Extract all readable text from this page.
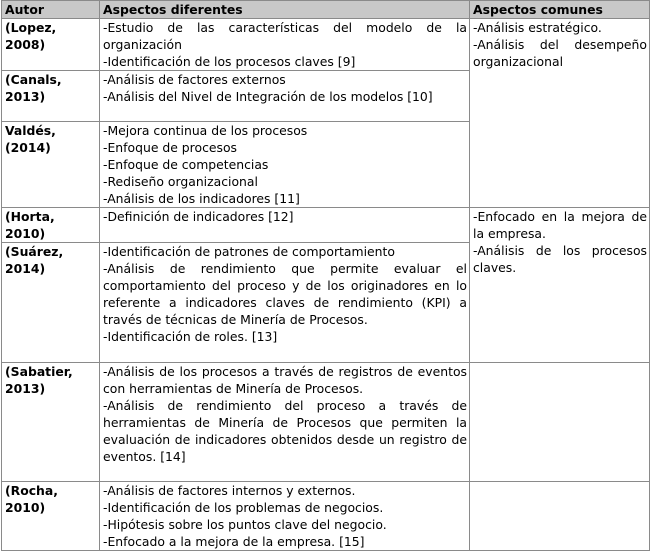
Autor	Aspectos diferentes	Aspectos comunes
(Lopez, 2008)	-Estudio de las características del modelo de la organización
-Identificación de los procesos claves [9]	-Análisis estratégico.
-Análisis del desempeño organizacional

(Canals, 2013)	-Análisis de factores externos
-Análisis del Nivel de Integración de los modelos [10]	

Valdés, (2014)	-Mejora continua de los procesos
-Enfoque de procesos
-Enfoque de competencias
-Rediseño organizacional
-Análisis de los indicadores [11]	

(Horta, 2010)	-Definición de indicadores [12]	-Enfocado en la mejora de la empresa.
-Análisis de los procesos claves.

(Suárez, 2014)	-Identificación de patrones de comportamiento
-Análisis de rendimiento que permite evaluar el comportamiento del proceso y de los originadores en lo referente a indicadores claves de rendimiento (KPI) a través de técnicas de Minería de Procesos.
-Identificación de roles. [13]	

(Sabatier, 2013)	-Análisis de los procesos a través de registros de eventos con herramientas de Minería de Procesos.
-Análisis de rendimiento del proceso a través de herramientas de Minería de Procesos que permiten la evaluación de indicadores obtenidos desde un registro de eventos. [14]	

(Rocha, 2010)	-Análisis de factores internos y externos.
-Identificación de los problemas de negocios.
-Hipótesis sobre los puntos clave del negocio.
-Enfocado a la mejora de la empresa. [15]	
